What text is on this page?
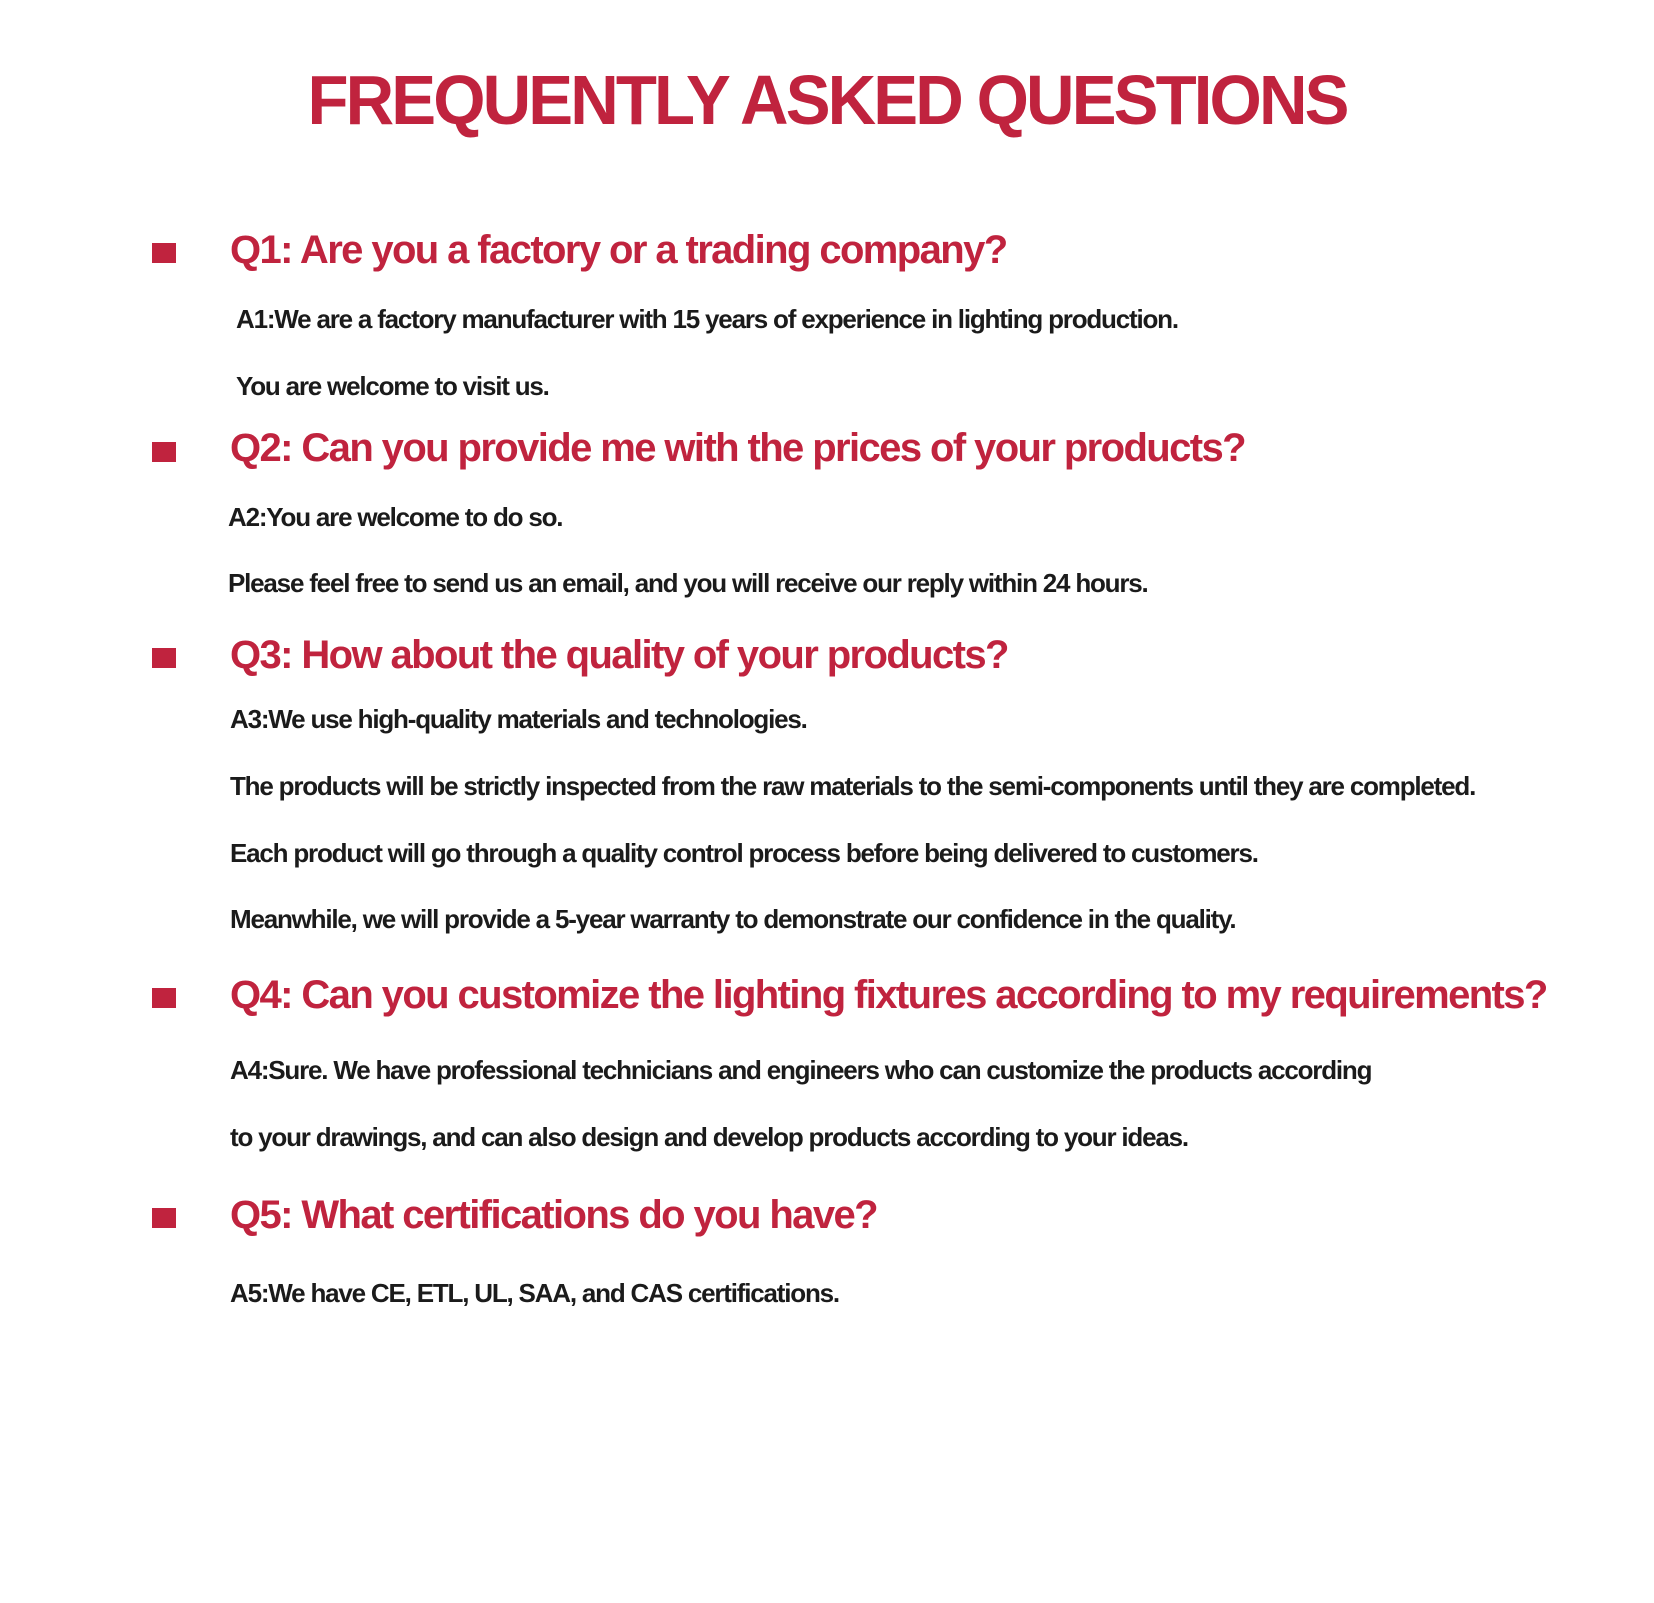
FREQUENTLY ASKED QUESTIONS
Q1: Are you a factory or a trading company?

A1:We are a factory manufacturer with 15 years of experience in lighting production.

You are welcome to visit us.

Q2: Can you provide me with the prices of your products?

A2:You are welcome to do so.

Please feel free to send us an email, and you will receive our reply within 24 hours.

Q3: How about the quality of your products?

A3:We use high-quality materials and technologies.

The products will be strictly inspected from the raw materials to the semi-components until they are completed.

Each product will go through a quality control process before being delivered to customers.

Meanwhile, we will provide a 5-year warranty to demonstrate our confidence in the quality.

Q4: Can you customize the lighting fixtures according to my requirements?

A4:Sure. We have professional technicians and engineers who can customize the products according

to your drawings, and can also design and develop products according to your ideas.

Q5: What certifications do you have?

A5:We have CE, ETL, UL, SAA, and CAS certifications.
